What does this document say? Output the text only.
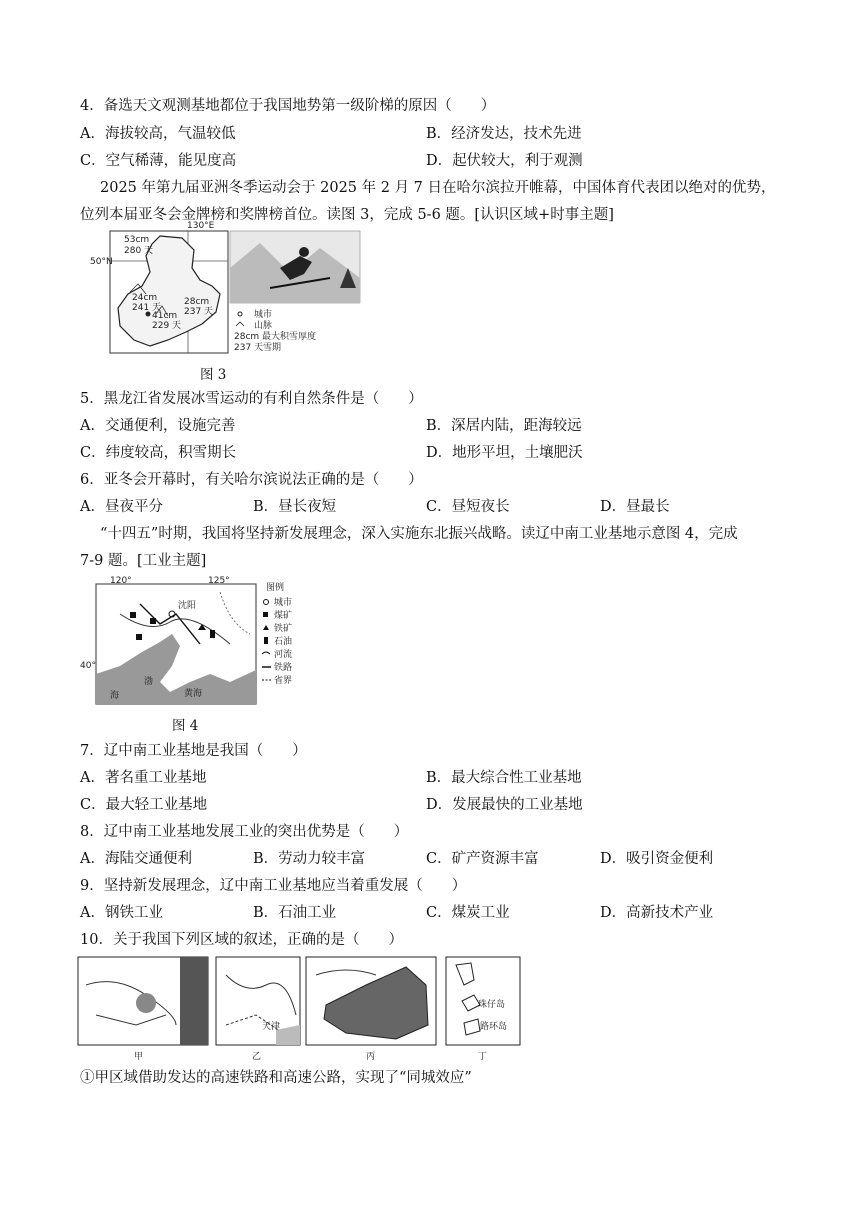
4．备选天文观测基地都位于我国地势第一级阶梯的原因（　　）
A．海拔较高，气温较低	B．经济发达，技术先进
C．空气稀薄，能见度高	D．起伏较大，利于观测
2025 年第九届亚洲冬季运动会于 2025 年 2 月 7 日在哈尔滨拉开帷幕，中国体育代表团以绝对的优势，
位列本届亚冬会金牌榜和奖牌榜首位。读图 3，完成 5-6 题。[认识区域+时事主题]
130°E
50°N
53cm
280 天
24cm
241 天
41cm
229 天
28cm
237 天	城市
山脉
28cm 最大积雪厚度
237 天雪期
图 3
5．黑龙江省发展冰雪运动的有利自然条件是（　　）
A．交通便利，设施完善	B．深居内陆，距海较远
C．纬度较高，积雪期长	D．地形平坦，土壤肥沃
6．亚冬会开幕时，有关哈尔滨说法正确的是（　　）
A．昼夜平分	B．昼长夜短	C．昼短夜长	D．昼最长
“十四五”时期，我国将坚持新发展理念，深入实施东北振兴战略。读辽中南工业基地示意图 4，完成
7-9 题。[工业主题]
120°	125°
40°
沈阳
渤
海	黄海
图例
城市
煤矿
铁矿
石油
河流
铁路
省界
图 4
7．辽中南工业基地是我国（　　）
A．著名重工业基地	B．最大综合性工业基地
C．最大轻工业基地	D．发展最快的工业基地
8．辽中南工业基地发展工业的突出优势是（　　）
A．海陆交通便利	B．劳动力较丰富	C．矿产资源丰富	D．吸引资金便利
9．坚持新发展理念，辽中南工业基地应当着重发展（　　）
A．钢铁工业	B．石油工业	C．煤炭工业	D．高新技术产业
10．关于我国下列区域的叙述，正确的是（　　）
甲
天津
乙	丙
珠仔岛
路环岛
丁
①甲区域借助发达的高速铁路和高速公路，实现了“同城效应”
